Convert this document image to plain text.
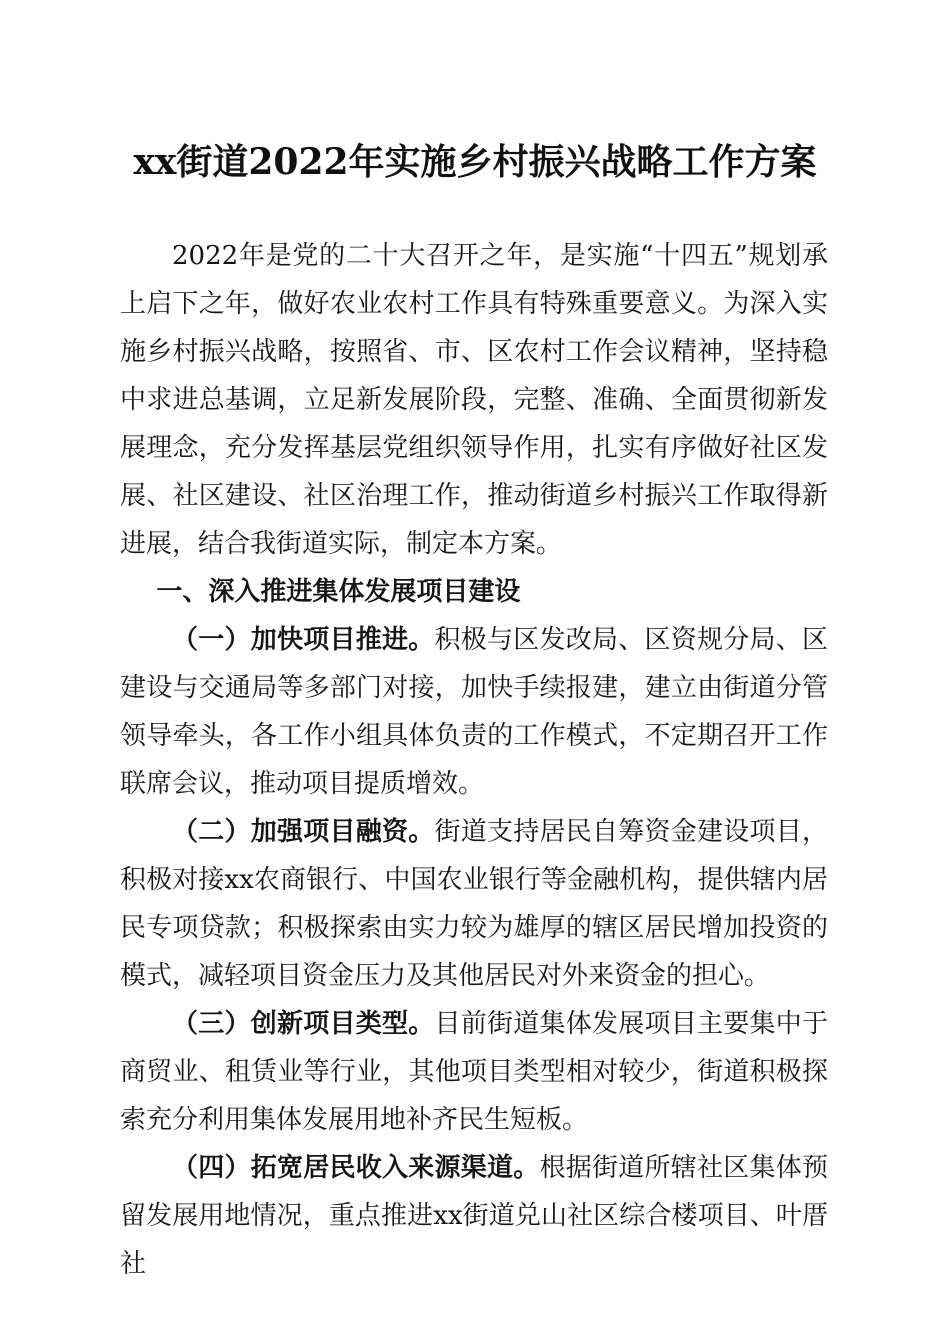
xx街道2022年实施乡村振兴战略工作方案

2022年是党的二十大召开之年，是实施“十四五”规划承上启下之年，做好农业农村工作具有特殊重要意义。为深入实施乡村振兴战略，按照省、市、区农村工作会议精神，坚持稳中求进总基调，立足新发展阶段，完整、准确、全面贯彻新发展理念，充分发挥基层党组织领导作用，扎实有序做好社区发展、社区建设、社区治理工作，推动街道乡村振兴工作取得新进展，结合我街道实际，制定本方案。

一、深入推进集体发展项目建设

（一）加快项目推进。积极与区发改局、区资规分局、区建设与交通局等多部门对接，加快手续报建，建立由街道分管领导牵头，各工作小组具体负责的工作模式，不定期召开工作联席会议，推动项目提质增效。

（二）加强项目融资。街道支持居民自筹资金建设项目，积极对接xx农商银行、中国农业银行等金融机构，提供辖内居民专项贷款；积极探索由实力较为雄厚的辖区居民增加投资的模式，减轻项目资金压力及其他居民对外来资金的担心。

（三）创新项目类型。目前街道集体发展项目主要集中于商贸业、租赁业等行业，其他项目类型相对较少，街道积极探索充分利用集体发展用地补齐民生短板。

（四）拓宽居民收入来源渠道。根据街道所辖社区集体预留发展用地情况，重点推进xx街道兑山社区综合楼项目、叶厝社
